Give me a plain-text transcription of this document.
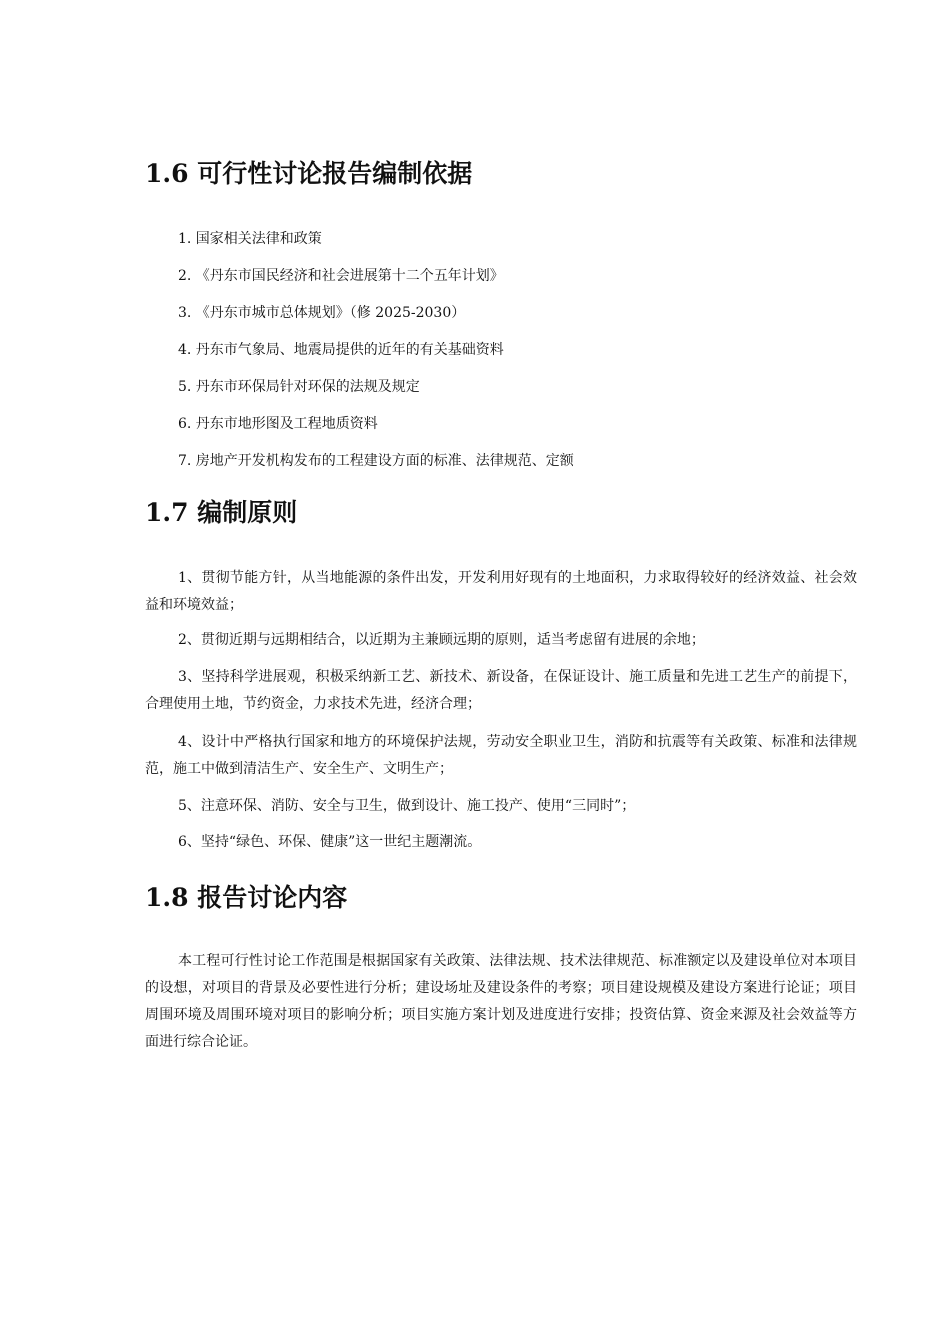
1.6 可行性讨论报告编制依据
1. 国家相关法律和政策
2. 《丹东市国民经济和社会进展第十二个五年计划》
3. 《丹东市城市总体规划》（修 2025-2030）
4. 丹东市气象局、地震局提供的近年的有关基础资料
5. 丹东市环保局针对环保的法规及规定
6. 丹东市地形图及工程地质资料
7. 房地产开发机构发布的工程建设方面的标准、法律规范、定额
1.7 编制原则

1、贯彻节能方针，从当地能源的条件出发，开发利用好现有的土地面积，力求取得较好的经济效益、社会效益和环境效益；

2、贯彻近期与远期相结合，以近期为主兼顾远期的原则，适当考虑留有进展的余地；

3、坚持科学进展观，积极采纳新工艺、新技术、新设备，在保证设计、施工质量和先进工艺生产的前提下，合理使用土地，节约资金，力求技术先进，经济合理；

4、设计中严格执行国家和地方的环境保护法规，劳动安全职业卫生，消防和抗震等有关政策、标准和法律规范，施工中做到清洁生产、安全生产、文明生产；

5、注意环保、消防、安全与卫生，做到设计、施工投产、使用“三同时”；

6、坚持“绿色、环保、健康”这一世纪主题潮流。

1.8 报告讨论内容

本工程可行性讨论工作范围是根据国家有关政策、法律法规、技术法律规范、标准额定以及建设单位对本项目的设想，对项目的背景及必要性进行分析；建设场址及建设条件的考察；项目建设规模及建设方案进行论证；项目周围环境及周围环境对项目的影响分析；项目实施方案计划及进度进行安排；投资估算、资金来源及社会效益等方面进行综合论证。
